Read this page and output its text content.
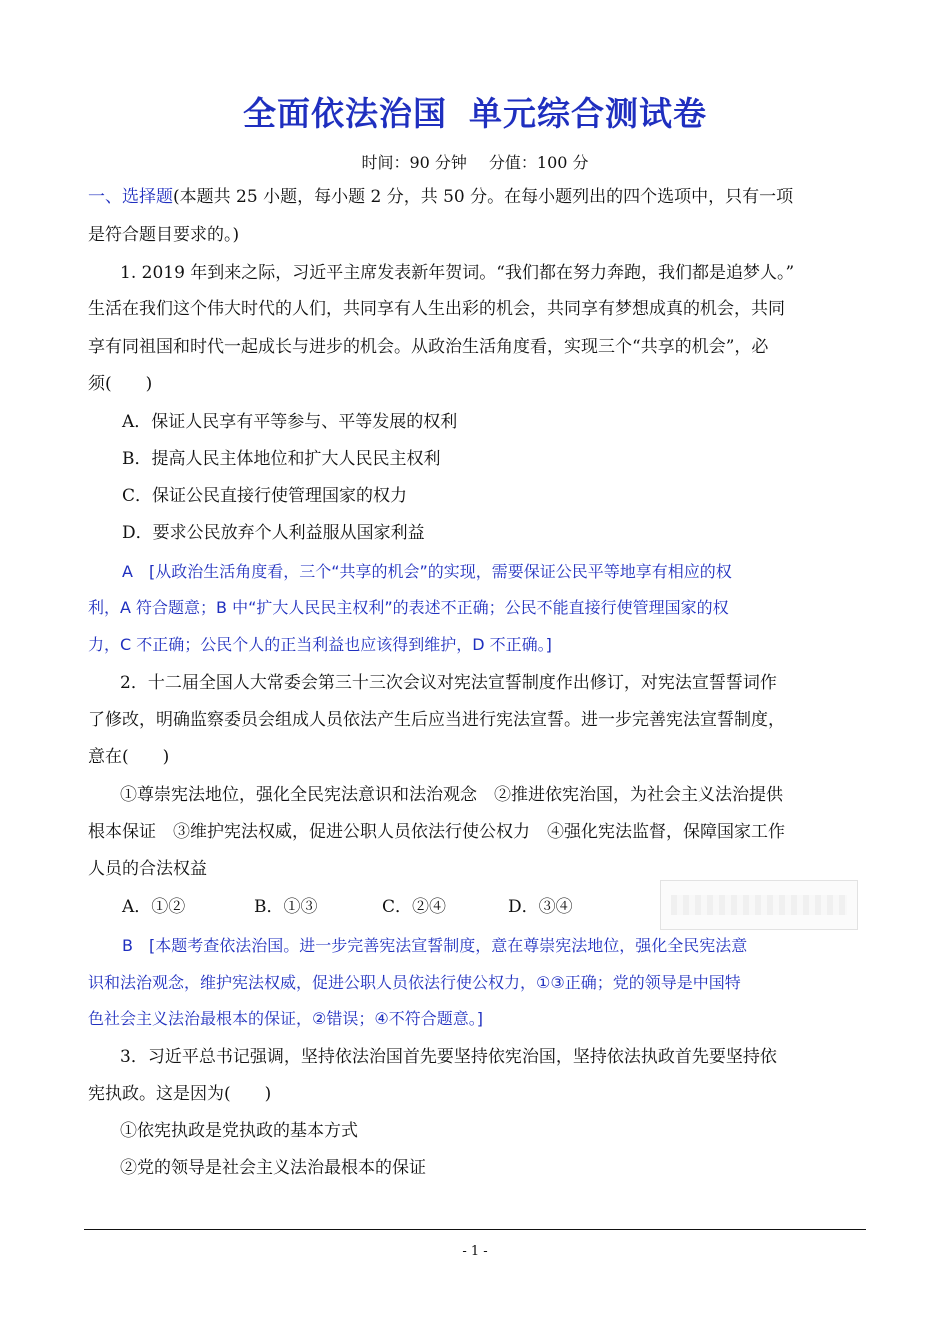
全面依法治国 单元综合测试卷
时间：90 分钟 分值：100 分
一、选择题(本题共 25 小题，每小题 2 分，共 50 分。在每小题列出的四个选项中，只有一项
是符合题目要求的。)
1. 2019 年到来之际，习近平主席发表新年贺词。“我们都在努力奔跑，我们都是追梦人。”
生活在我们这个伟大时代的人们，共同享有人生出彩的机会，共同享有梦想成真的机会，共同
享有同祖国和时代一起成长与进步的机会。从政治生活角度看，实现三个“共享的机会”，必
须(　　)
A．保证人民享有平等参与、平等发展的权利
B．提高人民主体地位和扩大人民民主权利
C．保证公民直接行使管理国家的权力
D．要求公民放弃个人利益服从国家利益
A　[从政治生活角度看，三个“共享的机会”的实现，需要保证公民平等地享有相应的权
利，A 符合题意；B 中“扩大人民民主权利”的表述不正确；公民不能直接行使管理国家的权
力，C 不正确；公民个人的正当利益也应该得到维护，D 不正确。]
2．十二届全国人大常委会第三十三次会议对宪法宣誓制度作出修订，对宪法宣誓誓词作
了修改，明确监察委员会组成人员依法产生后应当进行宪法宣誓。进一步完善宪法宣誓制度，
意在(　　)
①尊崇宪法地位，强化全民宪法意识和法治观念　②推进依宪治国，为社会主义法治提供
根本保证　③维护宪法权威，促进公职人员依法行使公权力　④强化宪法监督，保障国家工作
人员的合法权益
A．①②	B．①③	C．②④	D．③④
B　[本题考查依法治国。进一步完善宪法宣誓制度，意在尊崇宪法地位，强化全民宪法意
识和法治观念，维护宪法权威，促进公职人员依法行使公权力，①③正确；党的领导是中国特
色社会主义法治最根本的保证，②错误；④不符合题意。]
3．习近平总书记强调，坚持依法治国首先要坚持依宪治国，坚持依法执政首先要坚持依
宪执政。这是因为(　　)
①依宪执政是党执政的基本方式
②党的领导是社会主义法治最根本的保证
- 1 -
